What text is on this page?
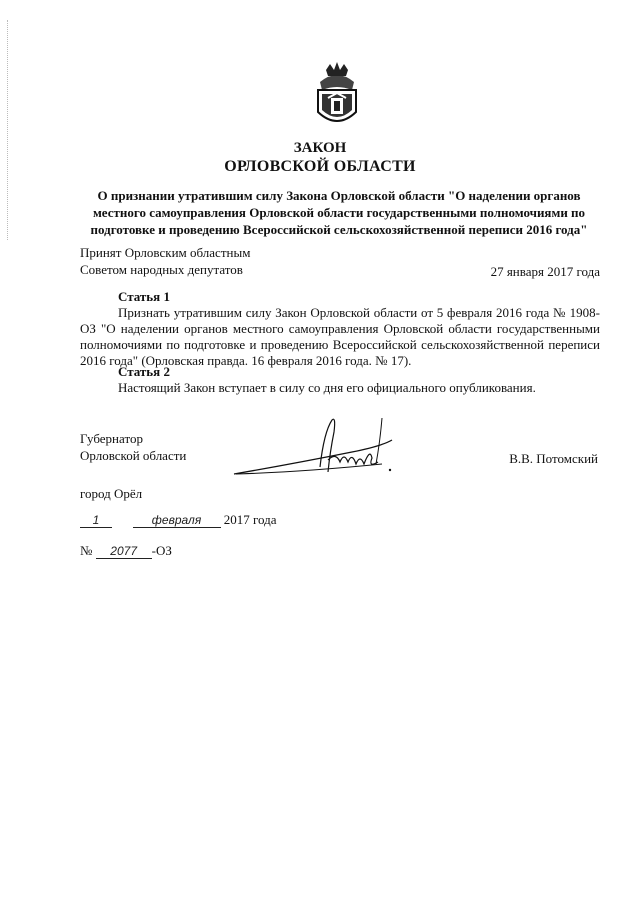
ЗАКОН
ОРЛОВСКОЙ ОБЛАСТИ
О признании утратившим силу Закона Орловской области "О наделении органов местного самоуправления Орловской области государственными полномочиями по подготовке и проведению Всероссийской сельскохозяйственной переписи 2016 года"
Принят Орловским областным
Советом народных депутатов	27 января 2017 года
Статья 1
Признать утратившим силу Закон Орловской области от 5 февраля 2016 года № 1908-ОЗ "О наделении органов местного самоуправления Орловской области государственными полномочиями по подготовке и проведению Всероссийской сельскохозяйственной переписи 2016 года" (Орловская правда. 16 февраля 2016 года. № 17).
Статья 2
Настоящий Закон вступает в силу со дня его официального опубликования.
Губернатор
Орловской области	В.В. Потомский
город Орёл
1	февраля 2017 года
№ 2077 -ОЗ
